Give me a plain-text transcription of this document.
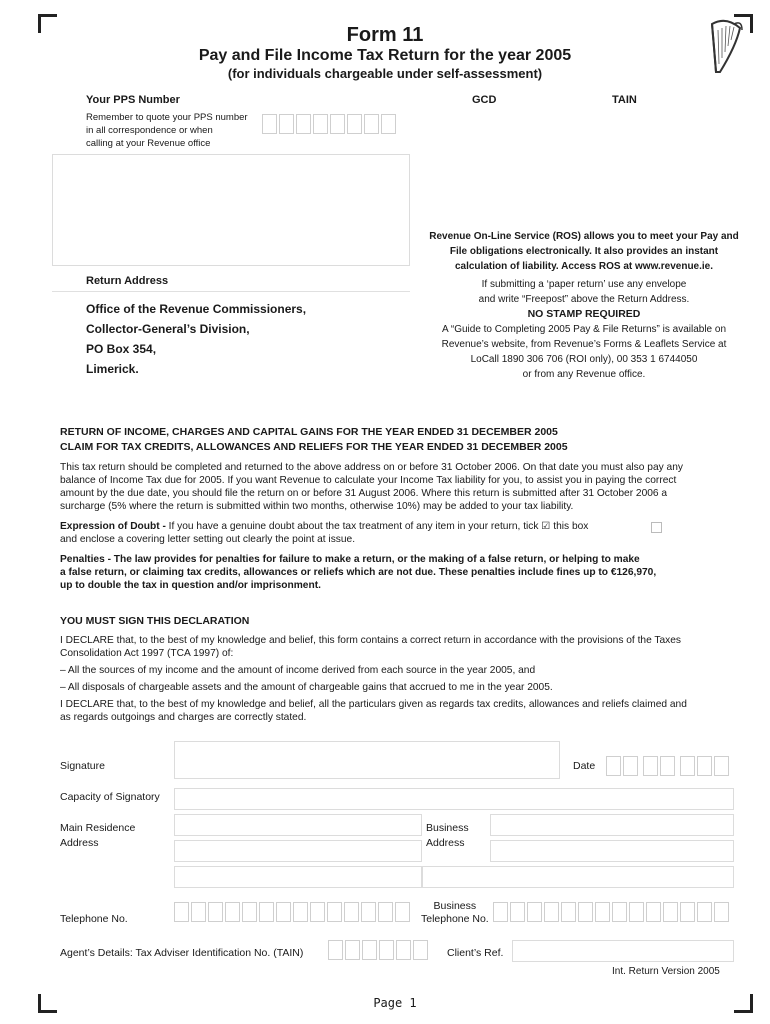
Form 11
Pay and File Income Tax Return for the year 2005
(for individuals chargeable under self-assessment)
Your PPS Number
Remember to quote your PPS number
in all correspondence or when
calling at your Revenue office
GCD	TAIN
Return Address
Office of the Revenue Commissioners,
Collector-General’s Division,
PO Box 354,
Limerick.
Revenue On-Line Service (ROS) allows you to meet your Pay and
File obligations electronically. It also provides an instant
calculation of liability. Access ROS at www.revenue.ie.
If submitting a ‘paper return’ use any envelope
and write “Freepost” above the Return Address.
NO STAMP REQUIRED
A “Guide to Completing 2005 Pay & File Returns” is available on
Revenue’s website, from Revenue’s Forms & Leaflets Service at
LoCall 1890 306 706 (ROI only), 00 353 1 6744050
or from any Revenue office.
RETURN OF INCOME, CHARGES AND CAPITAL GAINS FOR THE YEAR ENDED 31 DECEMBER 2005
CLAIM FOR TAX CREDITS, ALLOWANCES AND RELIEFS FOR THE YEAR ENDED 31 DECEMBER 2005
This tax return should be completed and returned to the above address on or before 31 October 2006. On that date you must also pay any
balance of Income Tax due for 2005. If you want Revenue to calculate your Income Tax liability for you, to assist you in paying the correct
amount by the due date, you should file the return on or before 31 August 2006. Where this return is submitted after 31 October 2006 a
surcharge (5% where the return is submitted within two months, otherwise 10%) may be added to your tax liability.
Expression of Doubt - If you have a genuine doubt about the tax treatment of any item in your return, tick ☑ this box
and enclose a covering letter setting out clearly the point at issue.
Penalties - The law provides for penalties for failure to make a return, or the making of a false return, or helping to make
a false return, or claiming tax credits, allowances or reliefs which are not due. These penalties include fines up to €126,970,
up to double the tax in question and/or imprisonment.
YOU MUST SIGN THIS DECLARATION
I DECLARE that, to the best of my knowledge and belief, this form contains a correct return in accordance with the provisions of the Taxes
Consolidation Act 1997 (TCA 1997) of:
– All the sources of my income and the amount of income derived from each source in the year 2005, and
– All disposals of chargeable assets and the amount of chargeable gains that accrued to me in the year 2005.
I DECLARE that, to the best of my knowledge and belief, all the particulars given as regards tax credits, allowances and reliefs claimed and
as regards outgoings and charges are correctly stated.
Signature	Date
Capacity of Signatory
Main Residence
Address
Business
Address
Telephone No.
Business
Telephone No.
Agent’s Details: Tax Adviser Identification No. (TAIN)	Client’s Ref.
Int. Return Version 2005
Page 1
